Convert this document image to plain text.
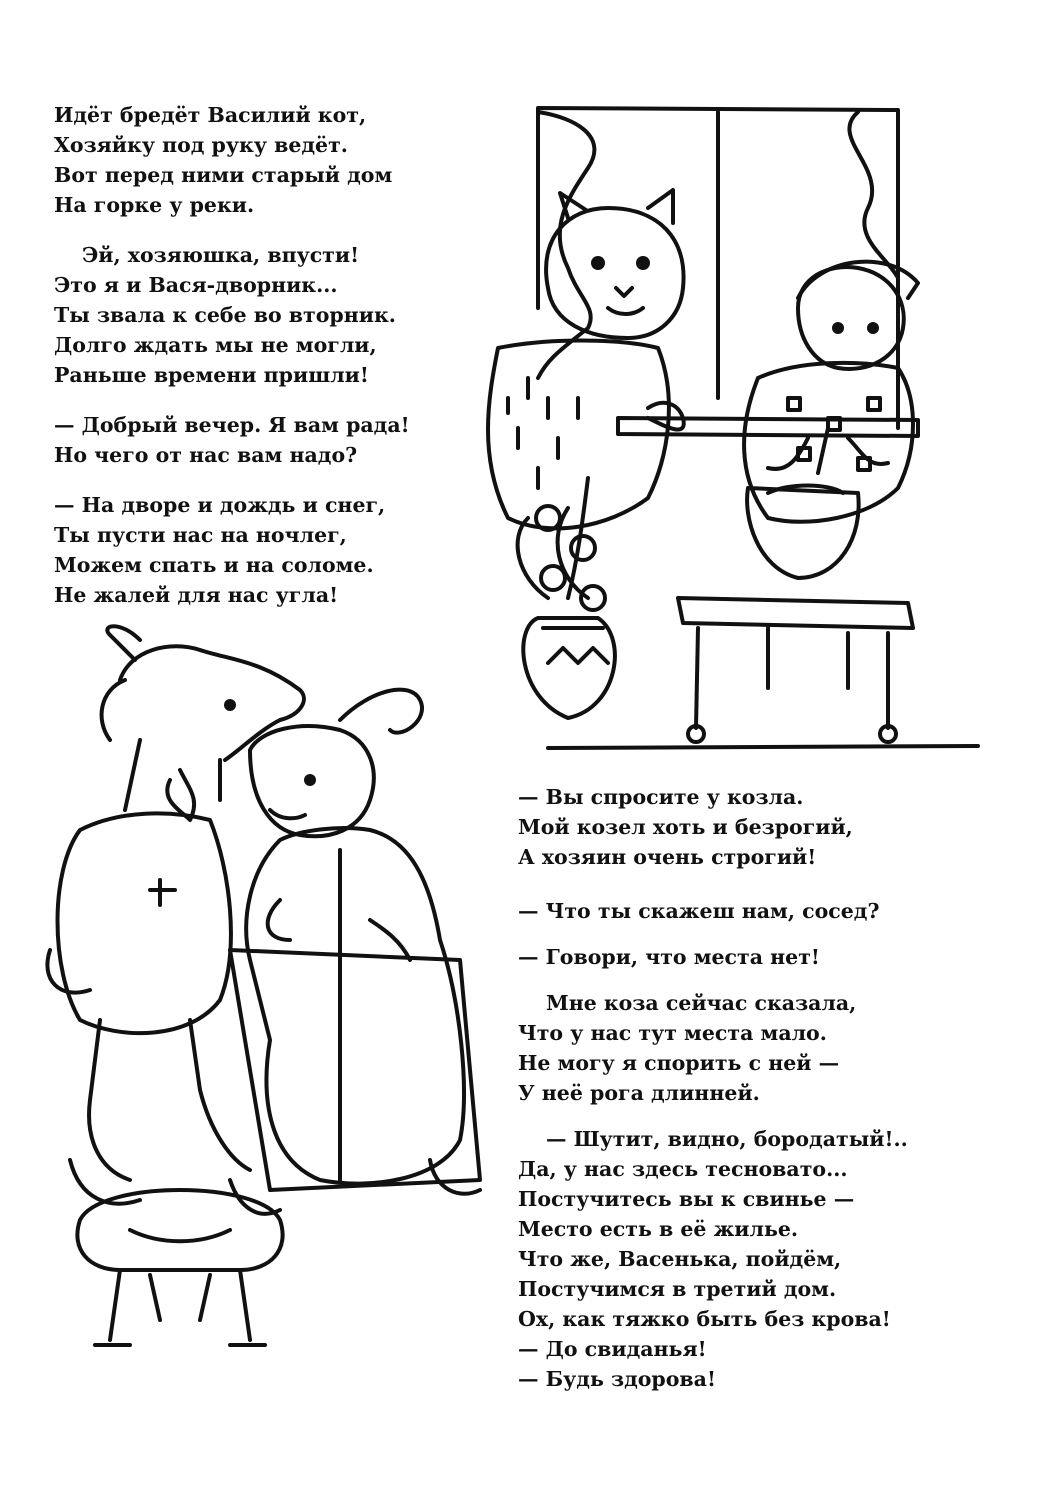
Идёт бредёт Василий кот,
Хозяйку под руку ведёт.
Вот перед ними старый дом
На горке у реки.
Эй, хозяюшка, впусти!
Это я и Вася-дворник...
Ты звала к себе во вторник.
Долго ждать мы не могли,
Раньше времени пришли!
— Добрый вечер. Я вам рада!
Но чего от нас вам надо?
— На дворе и дождь и снег,
Ты пусти нас на ночлег,
Можем спать и на соломе.
Не жалей для нас угла!
— Вы спросите у козла.
Мой козел хоть и безрогий,
А хозяин очень строгий!
— Что ты скажеш нам, сосед?
— Говори, что места нет!
Мне коза сейчас сказала,
Что у нас тут места мало.
Не могу я спорить с ней —
У неё рога длинней.
— Шутит, видно, бородатый!..
Да, у нас здесь тесновато...
Постучитесь вы к свинье —
Место есть в её жилье.
Что же, Васенька, пойдём,
Постучимся в третий дом.
Ох, как тяжко быть без крова!
— До свиданья!
— Будь здорова!
